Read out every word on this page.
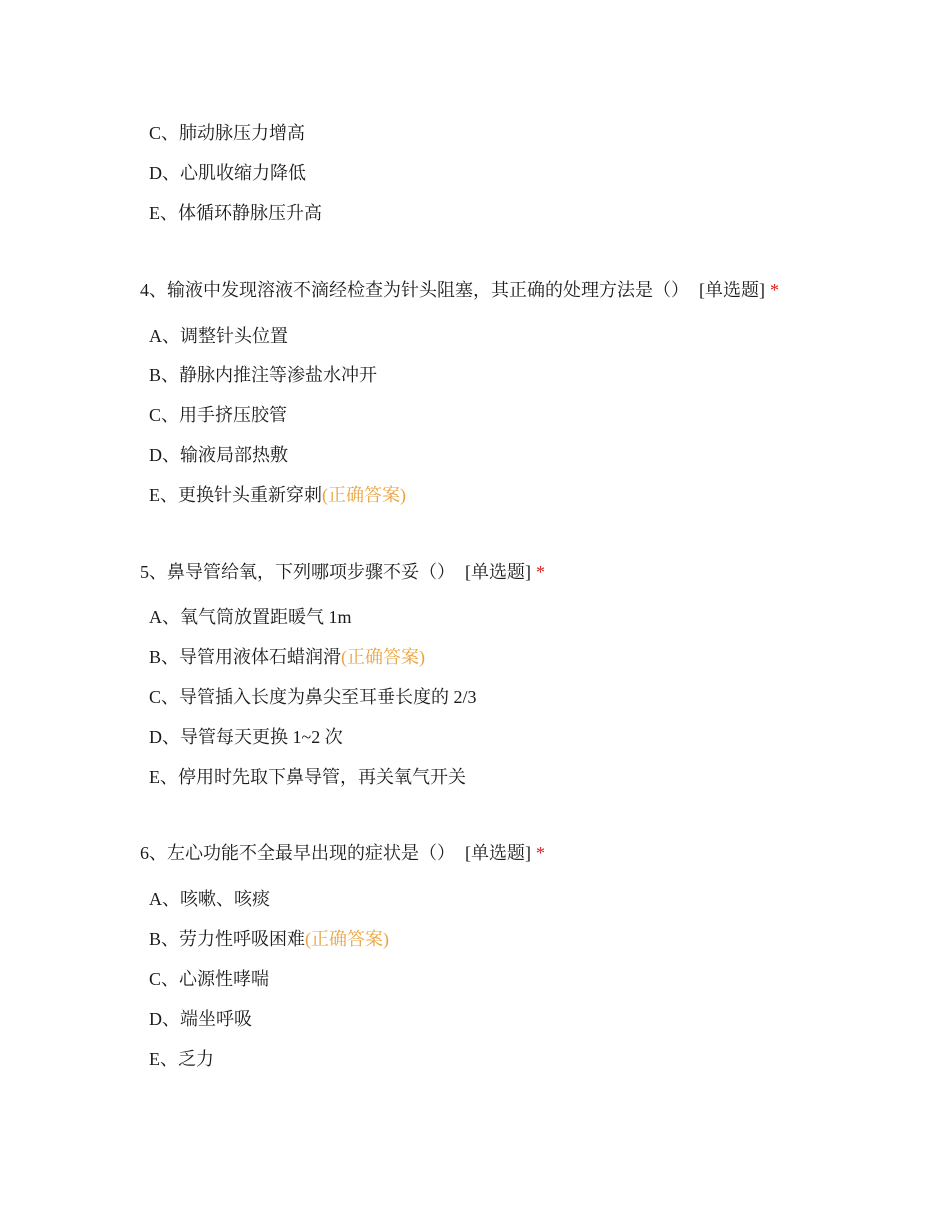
C、肺动脉压力增高
D、心肌收缩力降低
E、体循环静脉压升高
4、输液中发现溶液不滴经检查为针头阻塞，其正确的处理方法是（） [单选题] *
A、调整针头位置
B、静脉内推注等渗盐水冲开
C、用手挤压胶管
D、输液局部热敷
E、更换针头重新穿刺(正确答案)
5、鼻导管给氧，下列哪项步骤不妥（） [单选题] *
A、氧气筒放置距暖气 1m
B、导管用液体石蜡润滑(正确答案)
C、导管插入长度为鼻尖至耳垂长度的 2/3
D、导管每天更换 1~2 次
E、停用时先取下鼻导管，再关氧气开关
6、左心功能不全最早出现的症状是（） [单选题] *
A、咳嗽、咳痰
B、劳力性呼吸困难(正确答案)
C、心源性哮喘
D、端坐呼吸
E、乏力
